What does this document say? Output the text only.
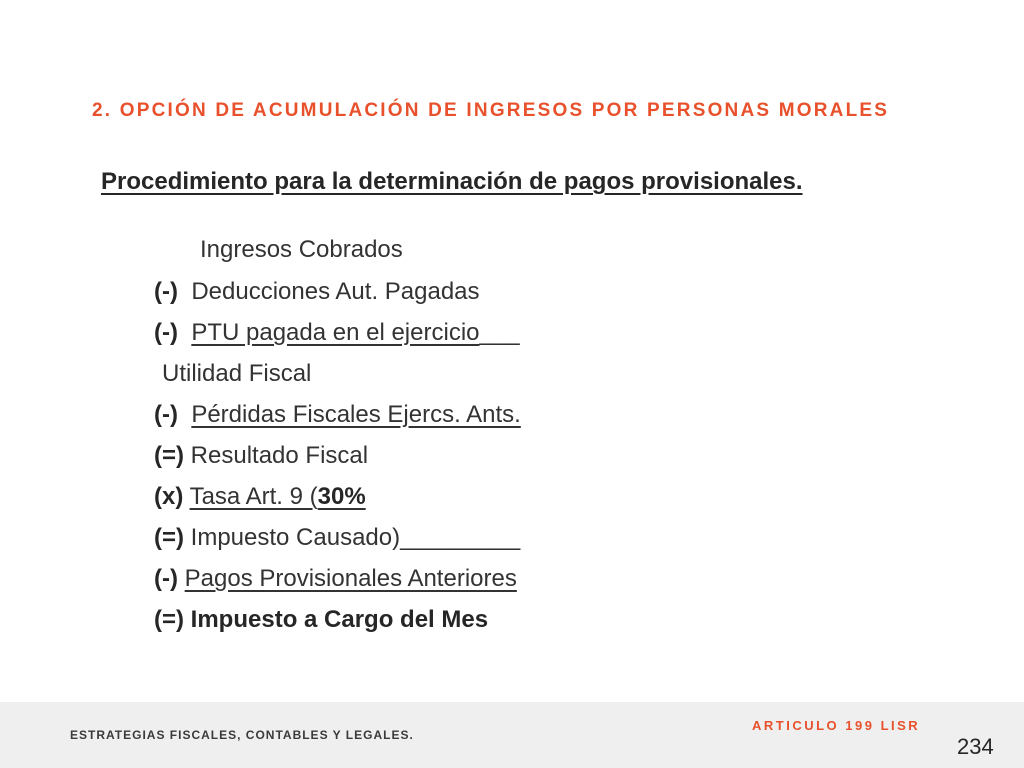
2. OPCIÓN DE ACUMULACIÓN DE INGRESOS POR PERSONAS MORALES
Procedimiento para la determinación de pagos provisionales.
Ingresos Cobrados
(-) Deducciones Aut. Pagadas
(-) PTU pagada en el ejercicio___
Utilidad Fiscal
(-) Pérdidas Fiscales Ejercs. Ants.
(=) Resultado Fiscal
(x) Tasa Art. 9 (30%
(=) Impuesto Causado)_________
(-) Pagos Provisionales Anteriores
(=) Impuesto a Cargo del Mes
ESTRATEGIAS FISCALES, CONTABLES Y LEGALES.
ARTICULO 199 LISR
234
